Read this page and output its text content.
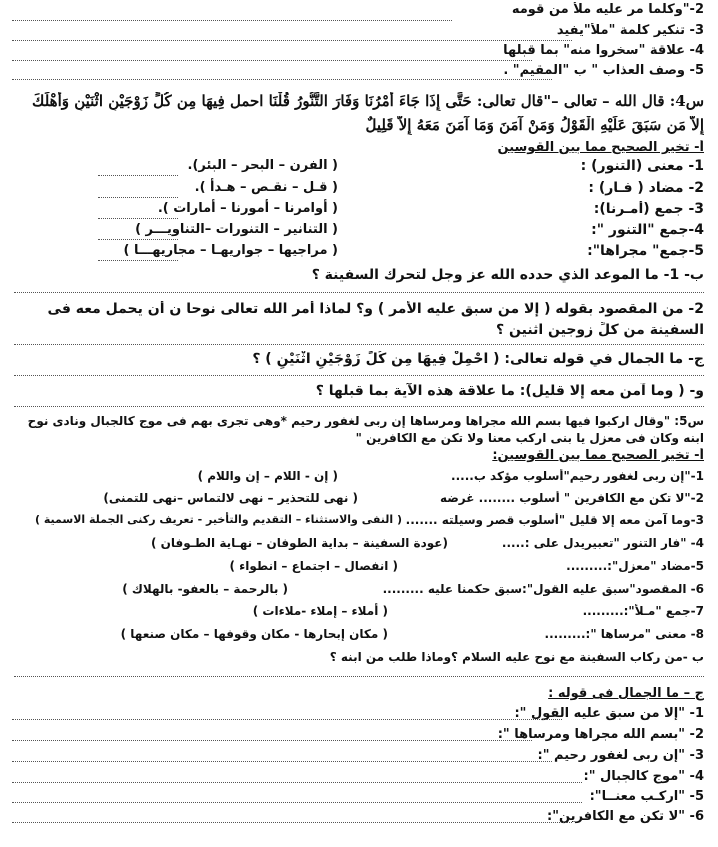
2-"وكلما مر عليه ملأ من قومه
3- تنكير كلمة "ملأ"يفيد
4- علاقة "سخروا منه" بما قبلها
5- وصف العذاب " ب "المقيم" .
س4: قال الله – تعالى –"قال تعالى: حَتَّى إِذَا جَاءَ أَمْرُنَا وَفَارَ التَّنُّورُ قُلْنَا احمل فِيهَا مِن كُلٍّ زَوْجَيْنِ اثْنَيْنِ وَأَهْلَكَ
إِلاَّ مَن سَبَقَ عَلَيْهِ الْقَوْلُ وَمَنْ آمَنَ وَمَا آمَنَ مَعَهُ إِلاَّ قَلِيلٌ
أ- تخير الصحيح مما بين القوسين
1- معنى (التنور) :
( الفرن – البحر – البئر).
2- مضاد ( فـار) :
( قـل – نقـص – هـدأ ).
3- جمع (أمـرنا):
( أوامرنا – أمورنا – أمارات ).
4-جمع "التنور ":
( التنانير – التنورات –التناويـــر )
5-جمع" مجراها":
( مراجيها – جواريهـا – مجاريهـــا )
ب- 1- ما الموعد الذي حدده الله عز وجل لتحرك السفينة ؟
2- من المقصود بقوله ( إلا من سبق عليه الأمر ) و؟ لماذا أمر الله تعالى نوحا ن أن يحمل معه فى
السفينة من كلِّ زوجين اثنين ؟
ج- ما الجمال في قوله تعالى: ( احْمِلْ فِيهَا مِن كُلٍّ زَوْجَيْنِ اثْنَيْنِ ) ؟
و- ( وما آمن معه إلا قليل): ما علاقة هذه الآية بما قبلها ؟
س5: "وقال اركبوا فيها بسم الله مجراها ومرساها إن ربى لغفور رحيم *وهى تجرى بهم فى موج كالجبال ونادى نوح
ابنه وكان فى معزل يا بنى اركب معنا ولا تكن مع الكافرين "
أ- تخير الصحيح مما بين القوسين:
1-"إن ربى لغفور رحيم"أسلوب مؤكد ب.....
( إن - اللام – إن واللام )
2-"لا تكن مع الكافرين " أسلوب ........ غرضه
( نهى للتحذير – نهى لالتماس –نهى للتمنى)
3-وما آمن معه إلا قليل "أسلوب قصر وسيلته .......
( النفى والاستثناء – التقديم والتأخير - تعريف ركنى الجملة الاسمية )
4- "فار التنور "تعبيريدل على :.....
(عودة السفينة – بداية الطوفان – نهـاية الطـوفان )
5-مضاد "معزل":.........
( انفصال – اجتماع – انطواء )
6- المقصود"سبق عليه القول":سبق حكمنا عليه .........
( بالرحمة – بالعفو- بالهلاك )
7-جمع "مـلأ":.........
( أملاء – إملاء -ملاءات )
8- معنى "مرساها ":.........
( مكان إبحارها - مكان وقوفها – مكان صنعها )
ب -من ركاب السفينة مع نوح عليه السلام ؟وماذا طلب من ابنه ؟
ج – ما الجمال فى قوله :
1- "إلا من سبق عليه القول ":
2- "بسم الله مجراها ومرساها ":
3- "إن ربى لغفور رحيم ":
4- "موج كالجبال ":
5- "اركـب معنــا":
6- "لا تكن مع الكافرين":
